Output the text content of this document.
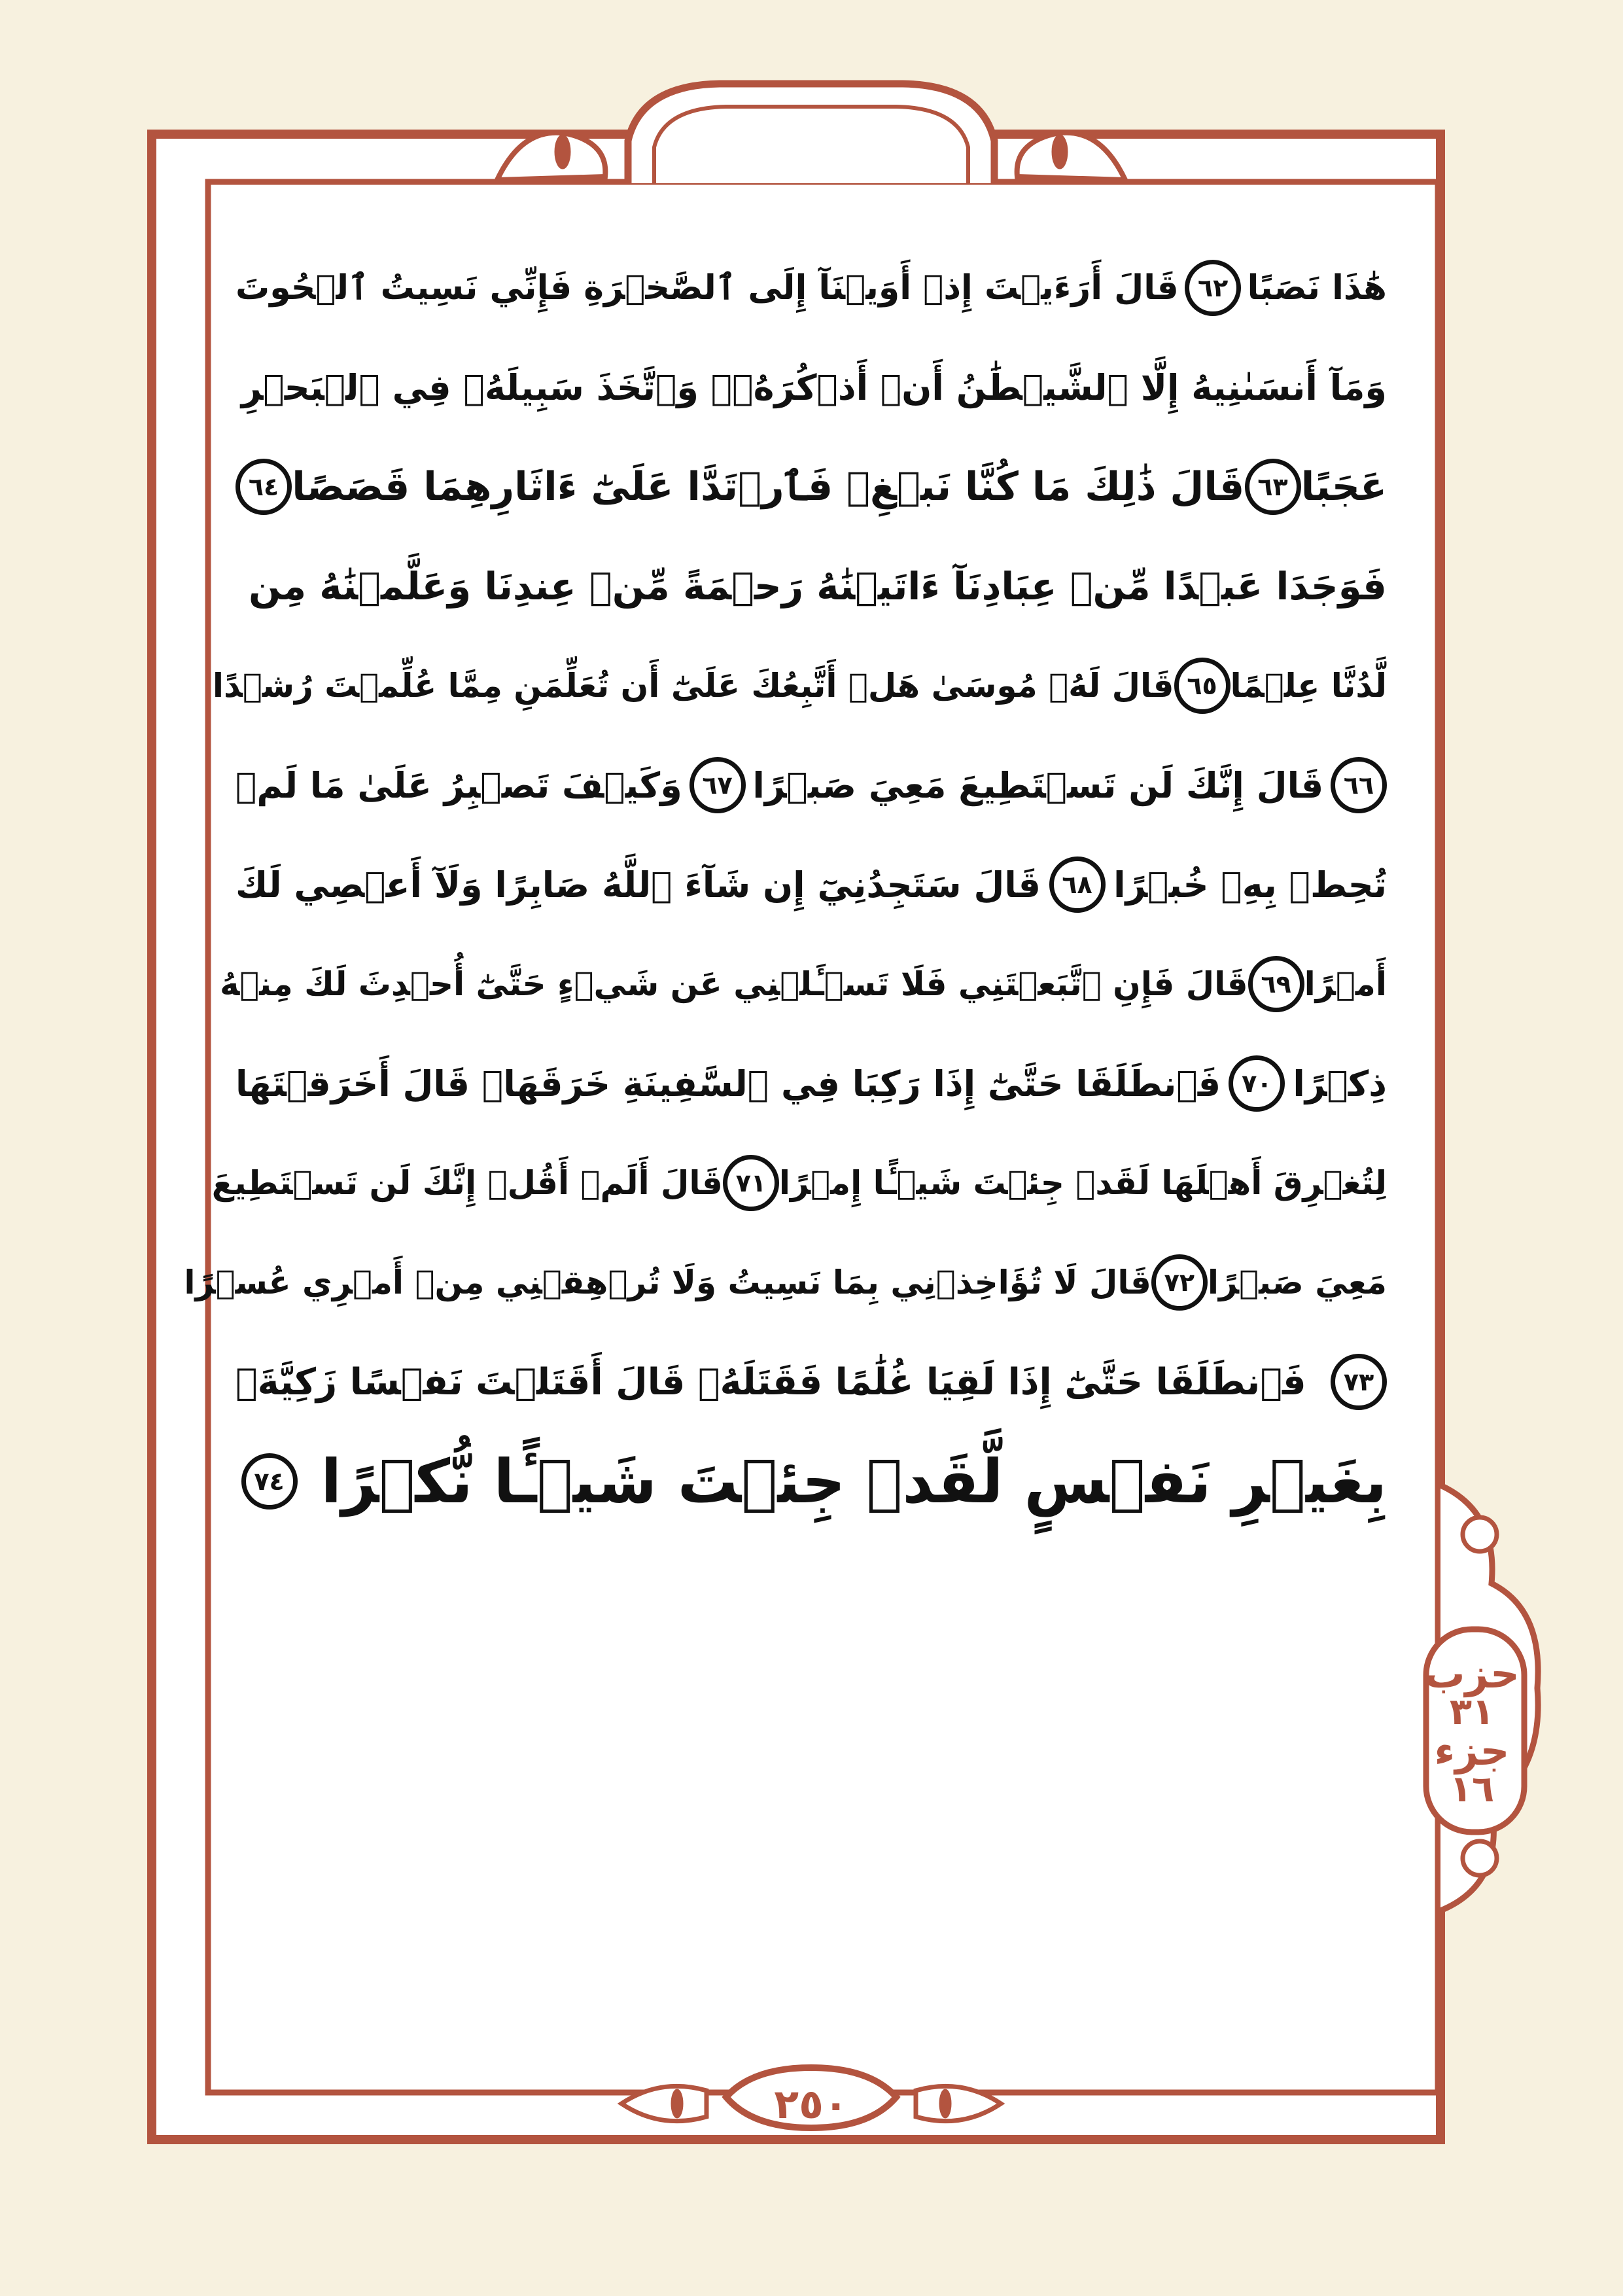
هَٰذَا نَصَبًا
٦٢
قَالَ أَرَءَيۡتَ إِذۡ أَوَيۡنَآ إِلَى ٱلصَّخۡرَةِ فَإِنِّي نَسِيتُ ٱلۡحُوتَ
وَمَآ أَنسَىٰنِيهُ إِلَّا ٱلشَّيۡطَٰنُ أَنۡ أَذۡكُرَهُۥۚ وَٱتَّخَذَ سَبِيلَهُۥ فِي ٱلۡبَحۡرِ
عَجَبًا
٦٣
قَالَ ذَٰلِكَ مَا كُنَّا نَبۡغِۚ فَٱرۡتَدَّا عَلَىٰٓ ءَاثَارِهِمَا قَصَصًا
٦٤
فَوَجَدَا عَبۡدًا مِّنۡ عِبَادِنَآ ءَاتَيۡنَٰهُ رَحۡمَةً مِّنۡ عِندِنَا وَعَلَّمۡنَٰهُ مِن
لَّدُنَّا عِلۡمًا
٦٥
قَالَ لَهُۥ مُوسَىٰ هَلۡ أَتَّبِعُكَ عَلَىٰٓ أَن تُعَلِّمَنِ مِمَّا عُلِّمۡتَ رُشۡدًا
٦٦
قَالَ إِنَّكَ لَن تَسۡتَطِيعَ مَعِيَ صَبۡرًا
٦٧
وَكَيۡفَ تَصۡبِرُ عَلَىٰ مَا لَمۡ
تُحِطۡ بِهِۦ خُبۡرًا
٦٨
قَالَ سَتَجِدُنِيٓ إِن شَآءَ ٱللَّهُ صَابِرًا وَلَآ أَعۡصِي لَكَ
أَمۡرًا
٦٩
قَالَ فَإِنِ ٱتَّبَعۡتَنِي فَلَا تَسۡـَٔلۡنِي عَن شَيۡءٍ حَتَّىٰٓ أُحۡدِثَ لَكَ مِنۡهُ
ذِكۡرًا
٧٠
فَٱنطَلَقَا حَتَّىٰٓ إِذَا رَكِبَا فِي ٱلسَّفِينَةِ خَرَقَهَاۖ قَالَ أَخَرَقۡتَهَا
لِتُغۡرِقَ أَهۡلَهَا لَقَدۡ جِئۡتَ شَيۡـًٔا إِمۡرًا
٧١
قَالَ أَلَمۡ أَقُلۡ إِنَّكَ لَن تَسۡتَطِيعَ
مَعِيَ صَبۡرًا
٧٢
قَالَ لَا تُؤَاخِذۡنِي بِمَا نَسِيتُ وَلَا تُرۡهِقۡنِي مِنۡ أَمۡرِي عُسۡرًا
٧٣
فَٱنطَلَقَا حَتَّىٰٓ إِذَا لَقِيَا غُلَٰمًا فَقَتَلَهُۥ قَالَ أَقَتَلۡتَ نَفۡسًا زَكِيَّةَۢ
بِغَيۡرِ نَفۡسٍ لَّقَدۡ جِئۡتَ شَيۡـًٔا نُّكۡرًا
٧٤
حزب
٣١
جزء
١٦
٢٥٠
